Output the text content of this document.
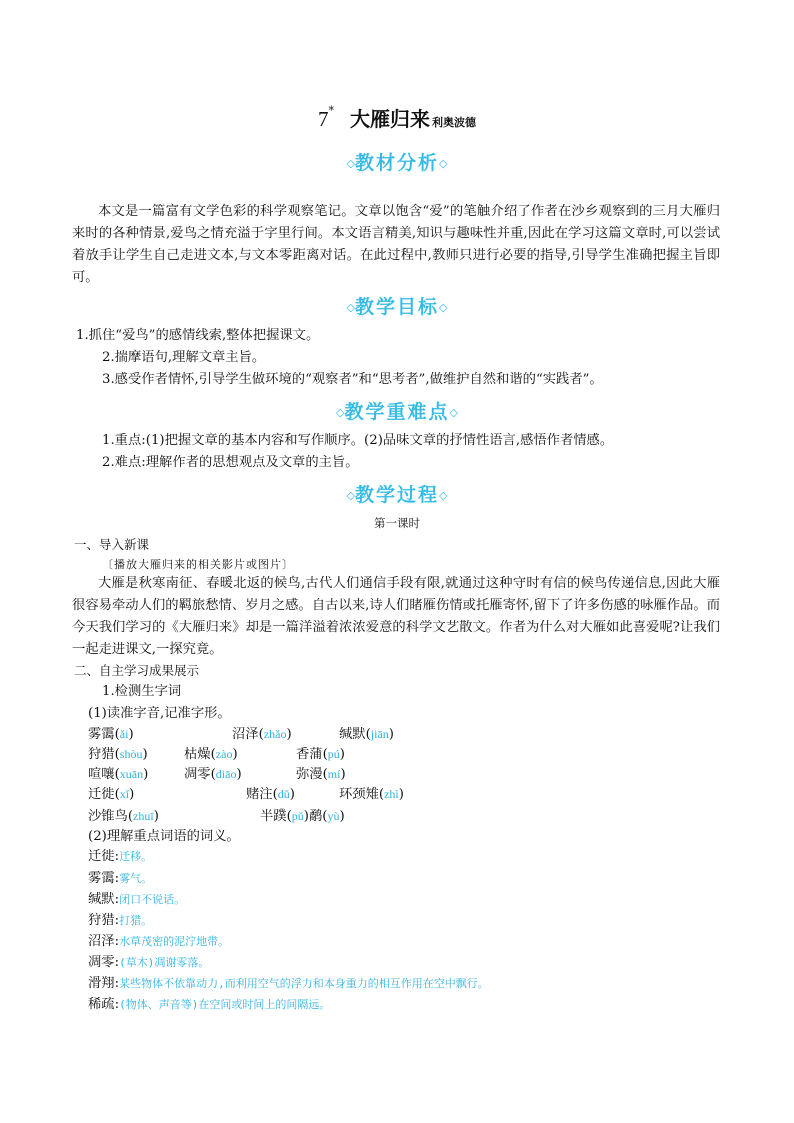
7* 大雁归来 利奥波德
◇教材分析◇
本文是一篇富有文学色彩的科学观察笔记。文章以饱含“爱”的笔触介绍了作者在沙乡观察到的三月大雁归来时的各种情景,爱鸟之情充溢于字里行间。本文语言精美,知识与趣味性并重,因此在学习这篇文章时,可以尝试着放手让学生自己走进文本,与文本零距离对话。在此过程中,教师只进行必要的指导,引导学生准确把握主旨即可。
◇教学目标◇
1.抓住“爱鸟”的感情线索,整体把握课文。
2.揣摩语句,理解文章主旨。
3.感受作者情怀,引导学生做环境的“观察者”和“思考者”,做维护自然和谐的“实践者”。
◇教学重难点◇
1.重点:(1)把握文章的基本内容和写作顺序。(2)品味文章的抒情性语言,感悟作者情感。
2.难点:理解作者的思想观点及文章的主旨。
◇教学过程◇
第一课时
一、导入新课
〔播放大雁归来的相关影片或图片〕
大雁是秋寒南征、春暖北返的候鸟,古代人们通信手段有限,就通过这种守时有信的候鸟传递信息,因此大雁很容易牵动人们的羁旅愁情、岁月之感。自古以来,诗人们睹雁伤情或托雁寄怀,留下了许多伤感的咏雁作品。而今天我们学习的《大雁归来》却是一篇洋溢着浓浓爱意的科学文艺散文。作者为什么对大雁如此喜爱呢?让我们一起走进课文,一探究竟。
二、自主学习成果展示
1.检测生字词
(1)读准字音,记准字形。
雾霭(ǎi)	沼泽(zhǎo)	缄默(jiān)
狩猎(shòu)	枯燥(zào)	香蒲(pú)
喧嚷(xuān)	凋零(diāo)	弥漫(mí)
迁徙(xǐ)	赌注(dǔ)	环颈雉(zhì)
沙锥鸟(zhuī)	半蹼(pǔ)鹬(yù)
(2)理解重点词语的词义。
迁徙:迁移。
雾霭:雾气。
缄默:闭口不说话。
狩猎:打猎。
沼泽:水草茂密的泥泞地带。
凋零:(草木)凋谢零落。
滑翔:某些物体不依靠动力,而利用空气的浮力和本身重力的相互作用在空中飘行。
稀疏:(物体、声音等)在空间或时间上的间隔远。
